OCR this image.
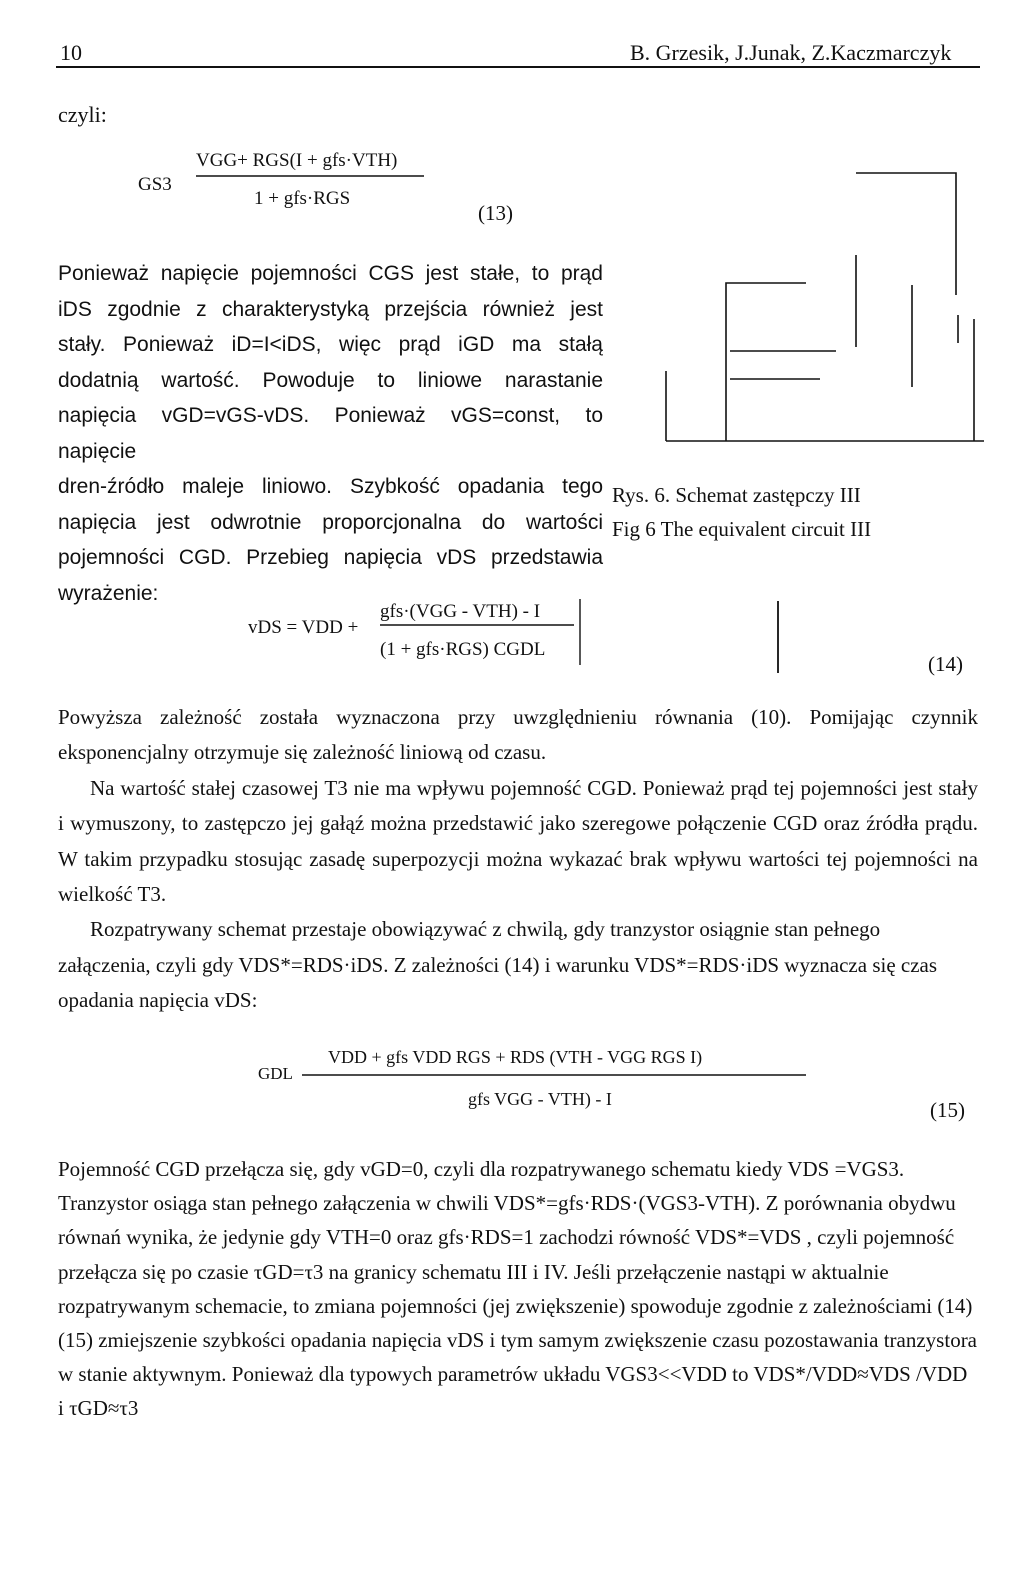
10	B. Grzesik, J.Junak, Z.Kaczmarczyk
czyli:
GS3
VGG+ RGS(I + gfs·VTH)
1 + gfs·RGS
(13)

Ponieważ napięcie pojemności CGS jest stałe, to prąd

iDS zgodnie z charakterystyką przejścia również jest

stały. Ponieważ iD=I<iDS, więc prąd iGD ma stałą

dodatnią wartość. Powoduje to liniowe narastanie

napięcia vGD=vGS-vDS. Ponieważ vGS=const, to napięcie

dren-źródło maleje liniowo. Szybkość opadania tego

napięcia jest odwrotnie proporcjonalna do wartości

pojemności CGD. Przebieg napięcia vDS przedstawia

wyrażenie:

Rys. 6. Schemat zastępczy III
Fig 6 The equivalent circuit III
vDS = VDD +
gfs·(VGG - VTH) - I
(1 + gfs·RGS) CGDL
(14)

Powyższa zależność została wyznaczona przy uwzględnieniu równania (10). Pomijając czynnik eksponencjalny otrzymuje się zależność liniową od czasu.

Na wartość stałej czasowej T3 nie ma wpływu pojemność CGD. Ponieważ prąd tej pojemności jest stały i wymuszony, to zastępczo jej gałąź można przedstawić jako szeregowe połączenie CGD oraz źródła prądu. W takim przypadku stosując zasadę superpozycji można wykazać brak wpływu wartości tej pojemności na wielkość T3.

Rozpatrywany schemat przestaje obowiązywać z chwilą, gdy tranzystor osiągnie stan pełnego załączenia, czyli gdy VDS*=RDS·iDS. Z zależności (14) i warunku VDS*=RDS·iDS wyznacza się czas opadania napięcia vDS:

GDL
VDD + gfs VDD RGS + RDS (VTH - VGG RGS I)
gfs VGG - VTH) - I	(15)

Pojemność CGD przełącza się, gdy vGD=0, czyli dla rozpatrywanego schematu kiedy VDS =VGS3. Tranzystor osiąga stan pełnego załączenia w chwili VDS*=gfs·RDS·(VGS3-VTH). Z porównania obydwu równań wynika, że jedynie gdy VTH=0 oraz gfs·RDS=1 zachodzi równość VDS*=VDS , czyli pojemność przełącza się po czasie τGD=τ3 na granicy schematu III i IV. Jeśli przełączenie nastąpi w aktualnie rozpatrywanym schemacie, to zmiana pojemności (jej zwiększenie) spowoduje zgodnie z zależnościami (14) (15) zmiejszenie szybkości opadania napięcia vDS i tym samym zwiększenie czasu pozostawania tranzystora w stanie aktywnym. Ponieważ dla typowych parametrów układu VGS3<<VDD to VDS*/VDD≈VDS /VDD i τGD≈τ3
